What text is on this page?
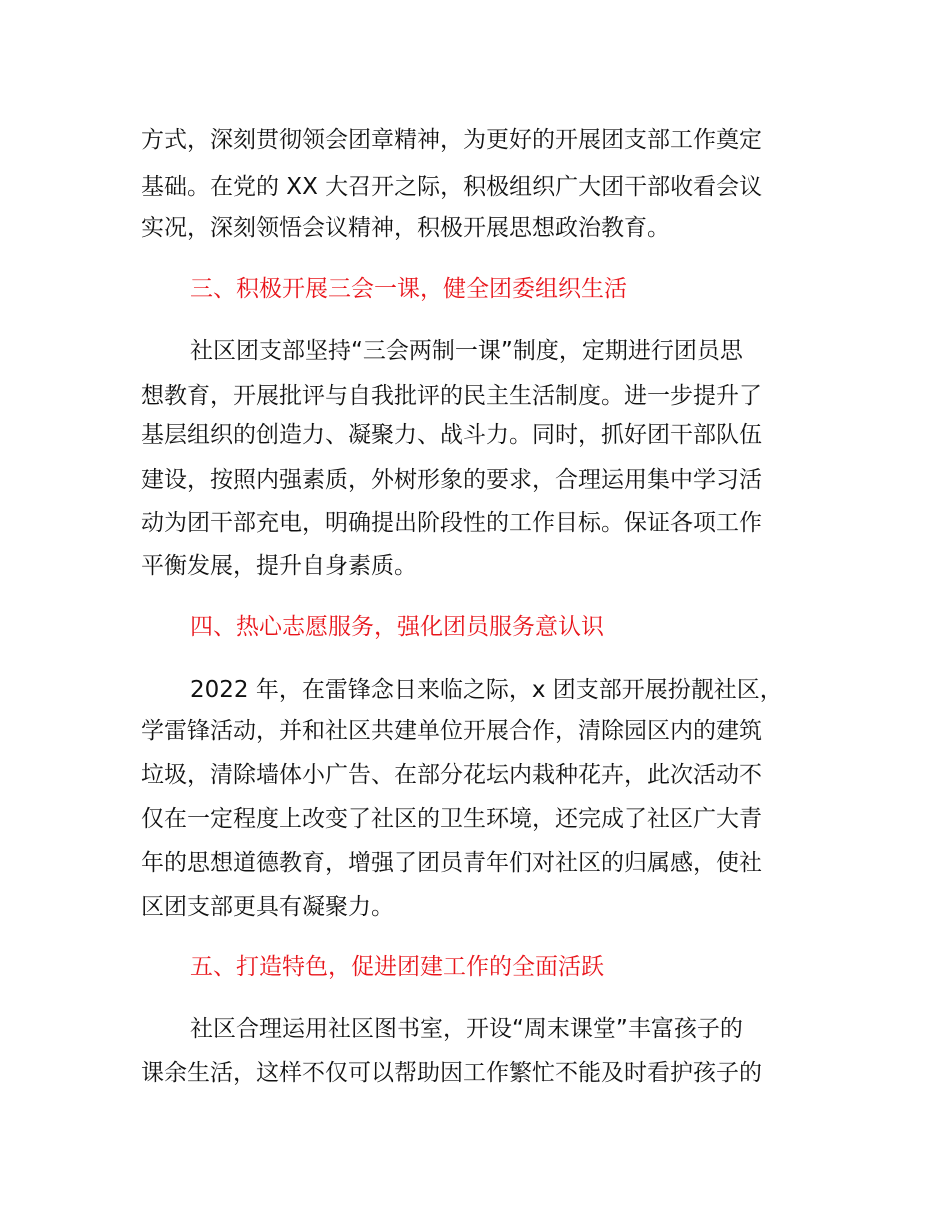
方式，深刻贯彻领会团章精神，为更好的开展团支部工作奠定
基础。在党的 XX 大召开之际，积极组织广大团干部收看会议
实况，深刻领悟会议精神，积极开展思想政治教育。
三、积极开展三会一课，健全团委组织生活
社区团支部坚持“三会两制一课”制度，定期进行团员思
想教育，开展批评与自我批评的民主生活制度。进一步提升了
基层组织的创造力、凝聚力、战斗力。同时，抓好团干部队伍
建设，按照内强素质，外树形象的要求，合理运用集中学习活
动为团干部充电，明确提出阶段性的工作目标。保证各项工作
平衡发展，提升自身素质。
四、热心志愿服务，强化团员服务意认识
2022 年，在雷锋念日来临之际，x 团支部开展扮靓社区，
学雷锋活动，并和社区共建单位开展合作，清除园区内的建筑
垃圾，清除墙体小广告、在部分花坛内栽种花卉，此次活动不
仅在一定程度上改变了社区的卫生环境，还完成了社区广大青
年的思想道德教育，增强了团员青年们对社区的归属感，使社
区团支部更具有凝聚力。
五、打造特色，促进团建工作的全面活跃
社区合理运用社区图书室，开设“周末课堂”丰富孩子的
课余生活，这样不仅可以帮助因工作繁忙不能及时看护孩子的
